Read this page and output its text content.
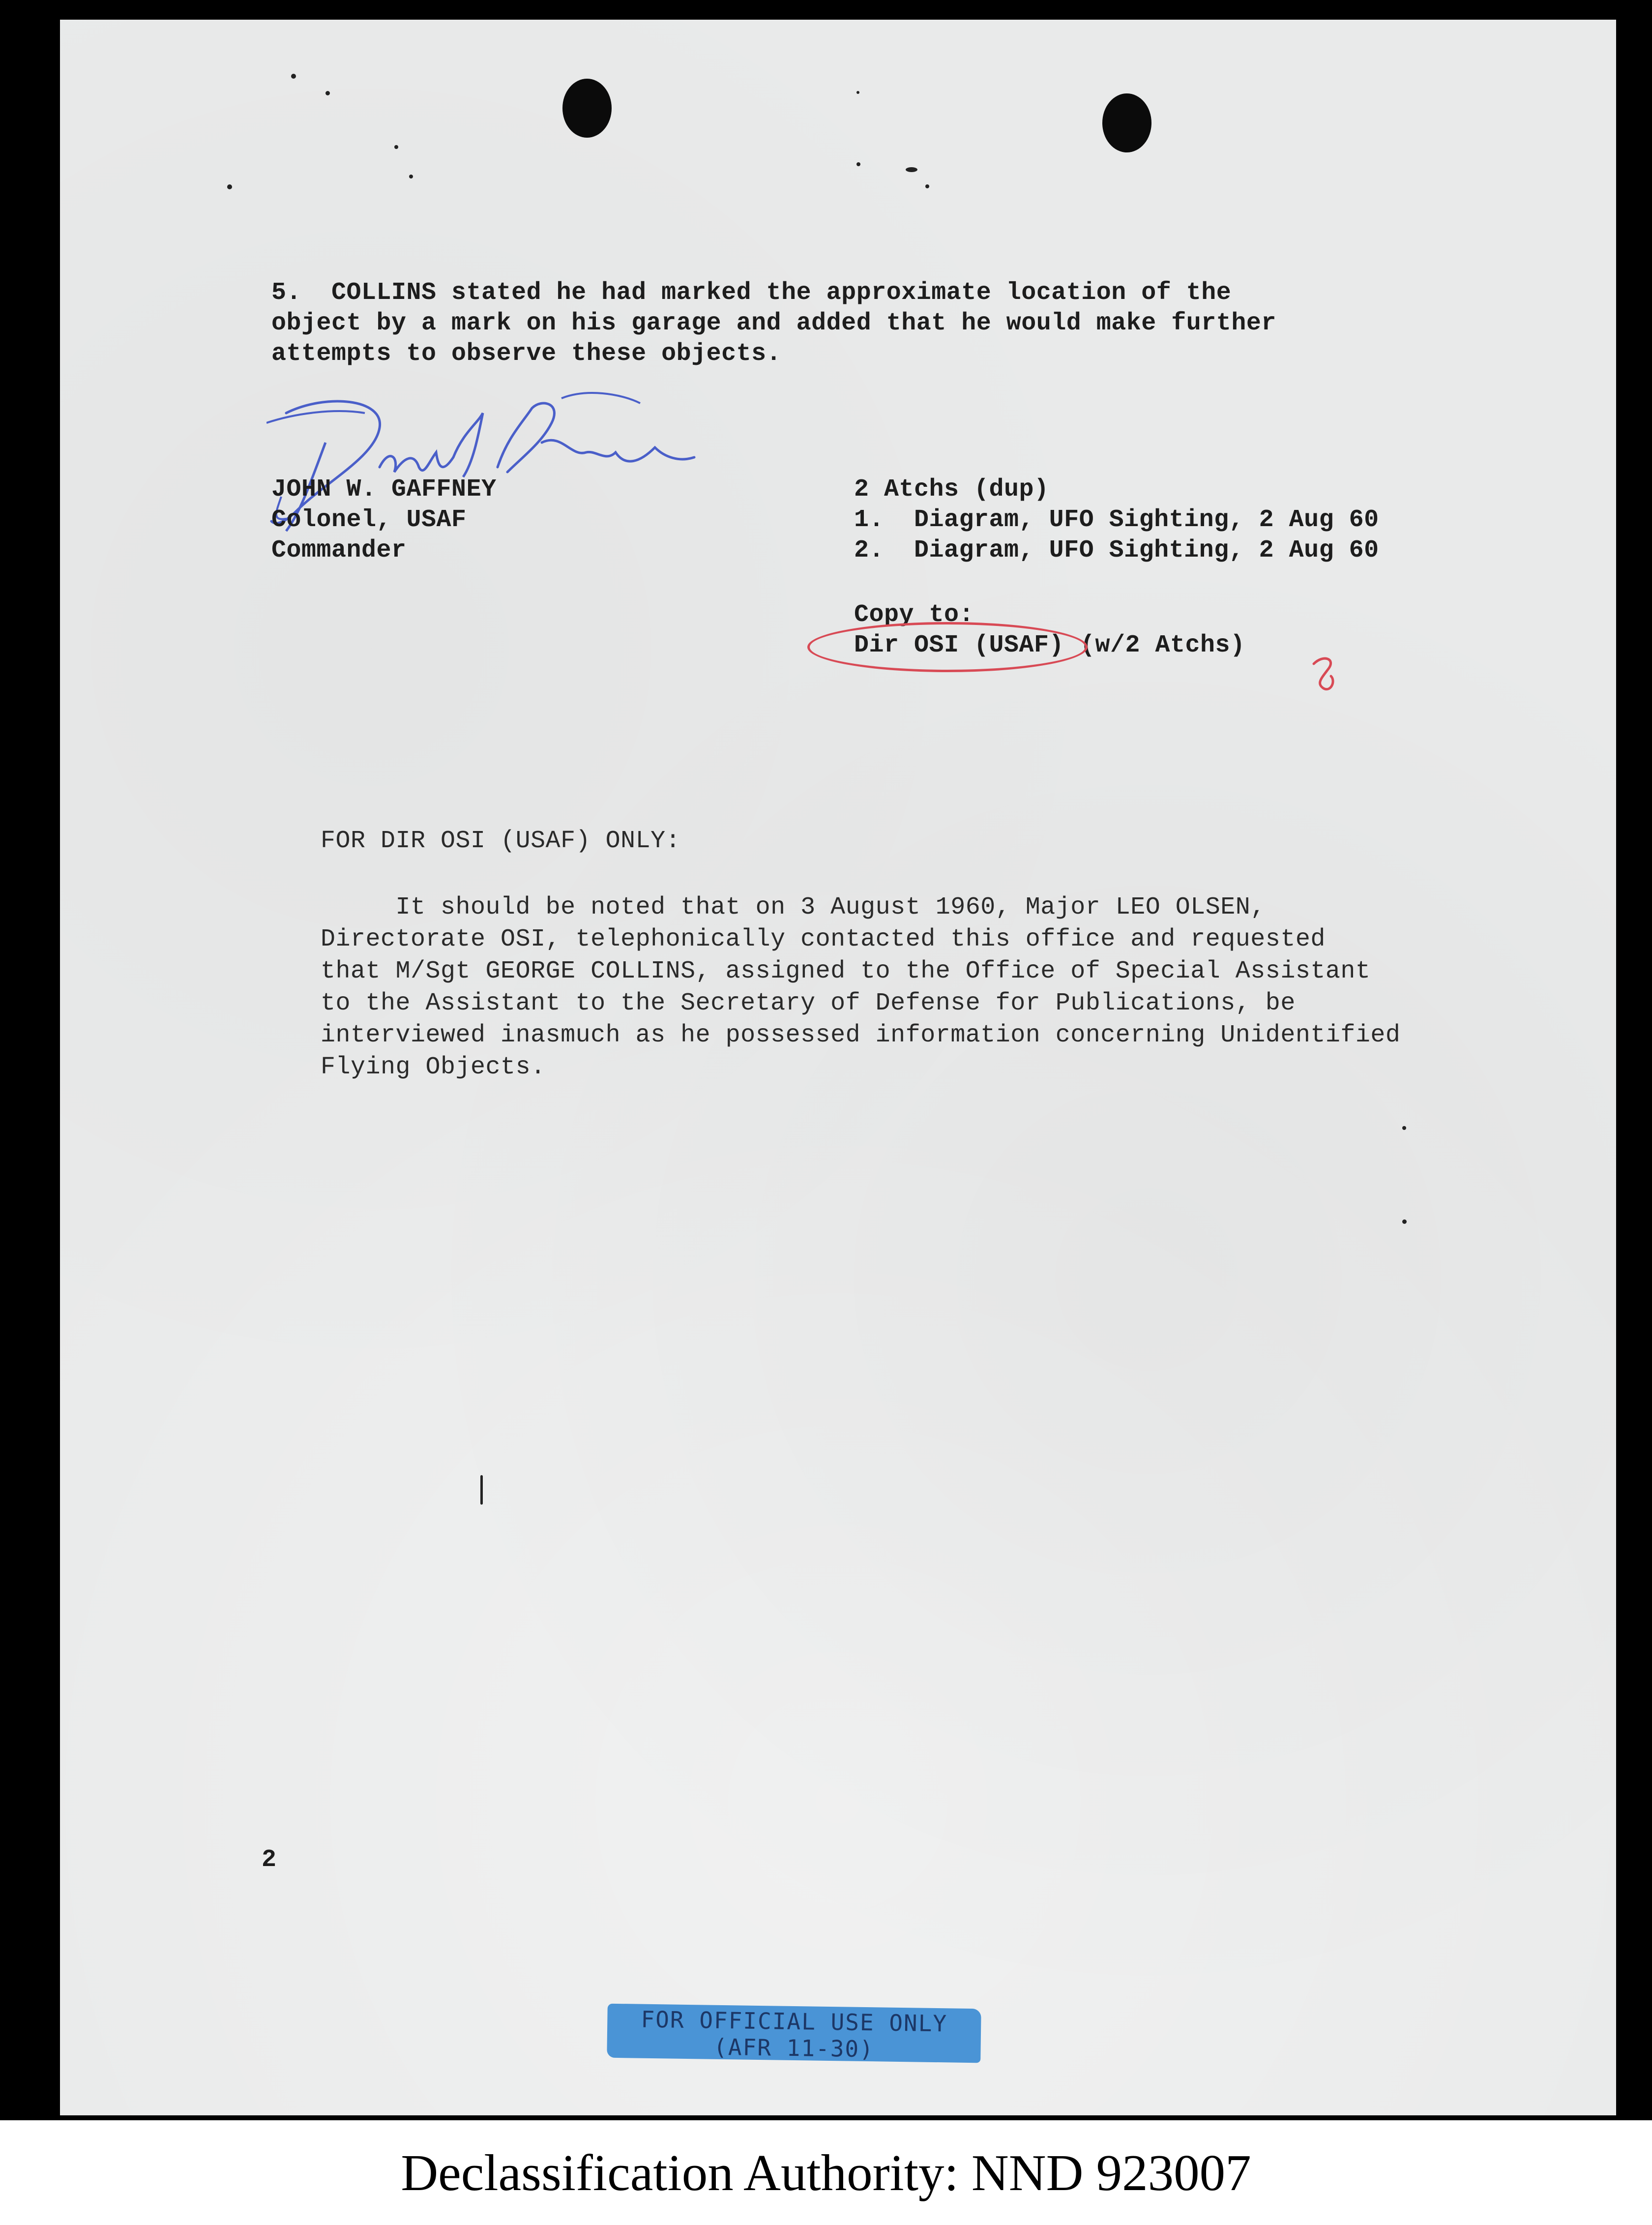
5.  COLLINS stated he had marked the approximate location of the
object by a mark on his garage and added that he would make further
attempts to observe these objects.
JOHN W. GAFFNEY
Colonel, USAF
Commander
2 Atchs (dup)
1.  Diagram, UFO Sighting, 2 Aug 60
2.  Diagram, UFO Sighting, 2 Aug 60
Copy to:
Dir OSI (USAF) (w/2 Atchs)
FOR DIR OSI (USAF) ONLY:
It should be noted that on 3 August 1960, Major LEO OLSEN,
Directorate OSI, telephonically contacted this office and requested
that M/Sgt GEORGE COLLINS, assigned to the Office of Special Assistant
to the Assistant to the Secretary of Defense for Publications, be
interviewed inasmuch as he possessed information concerning Unidentified
Flying Objects.
2
FOR OFFICIAL USE ONLY
(AFR 11-30)
Declassification Authority: NND 923007
